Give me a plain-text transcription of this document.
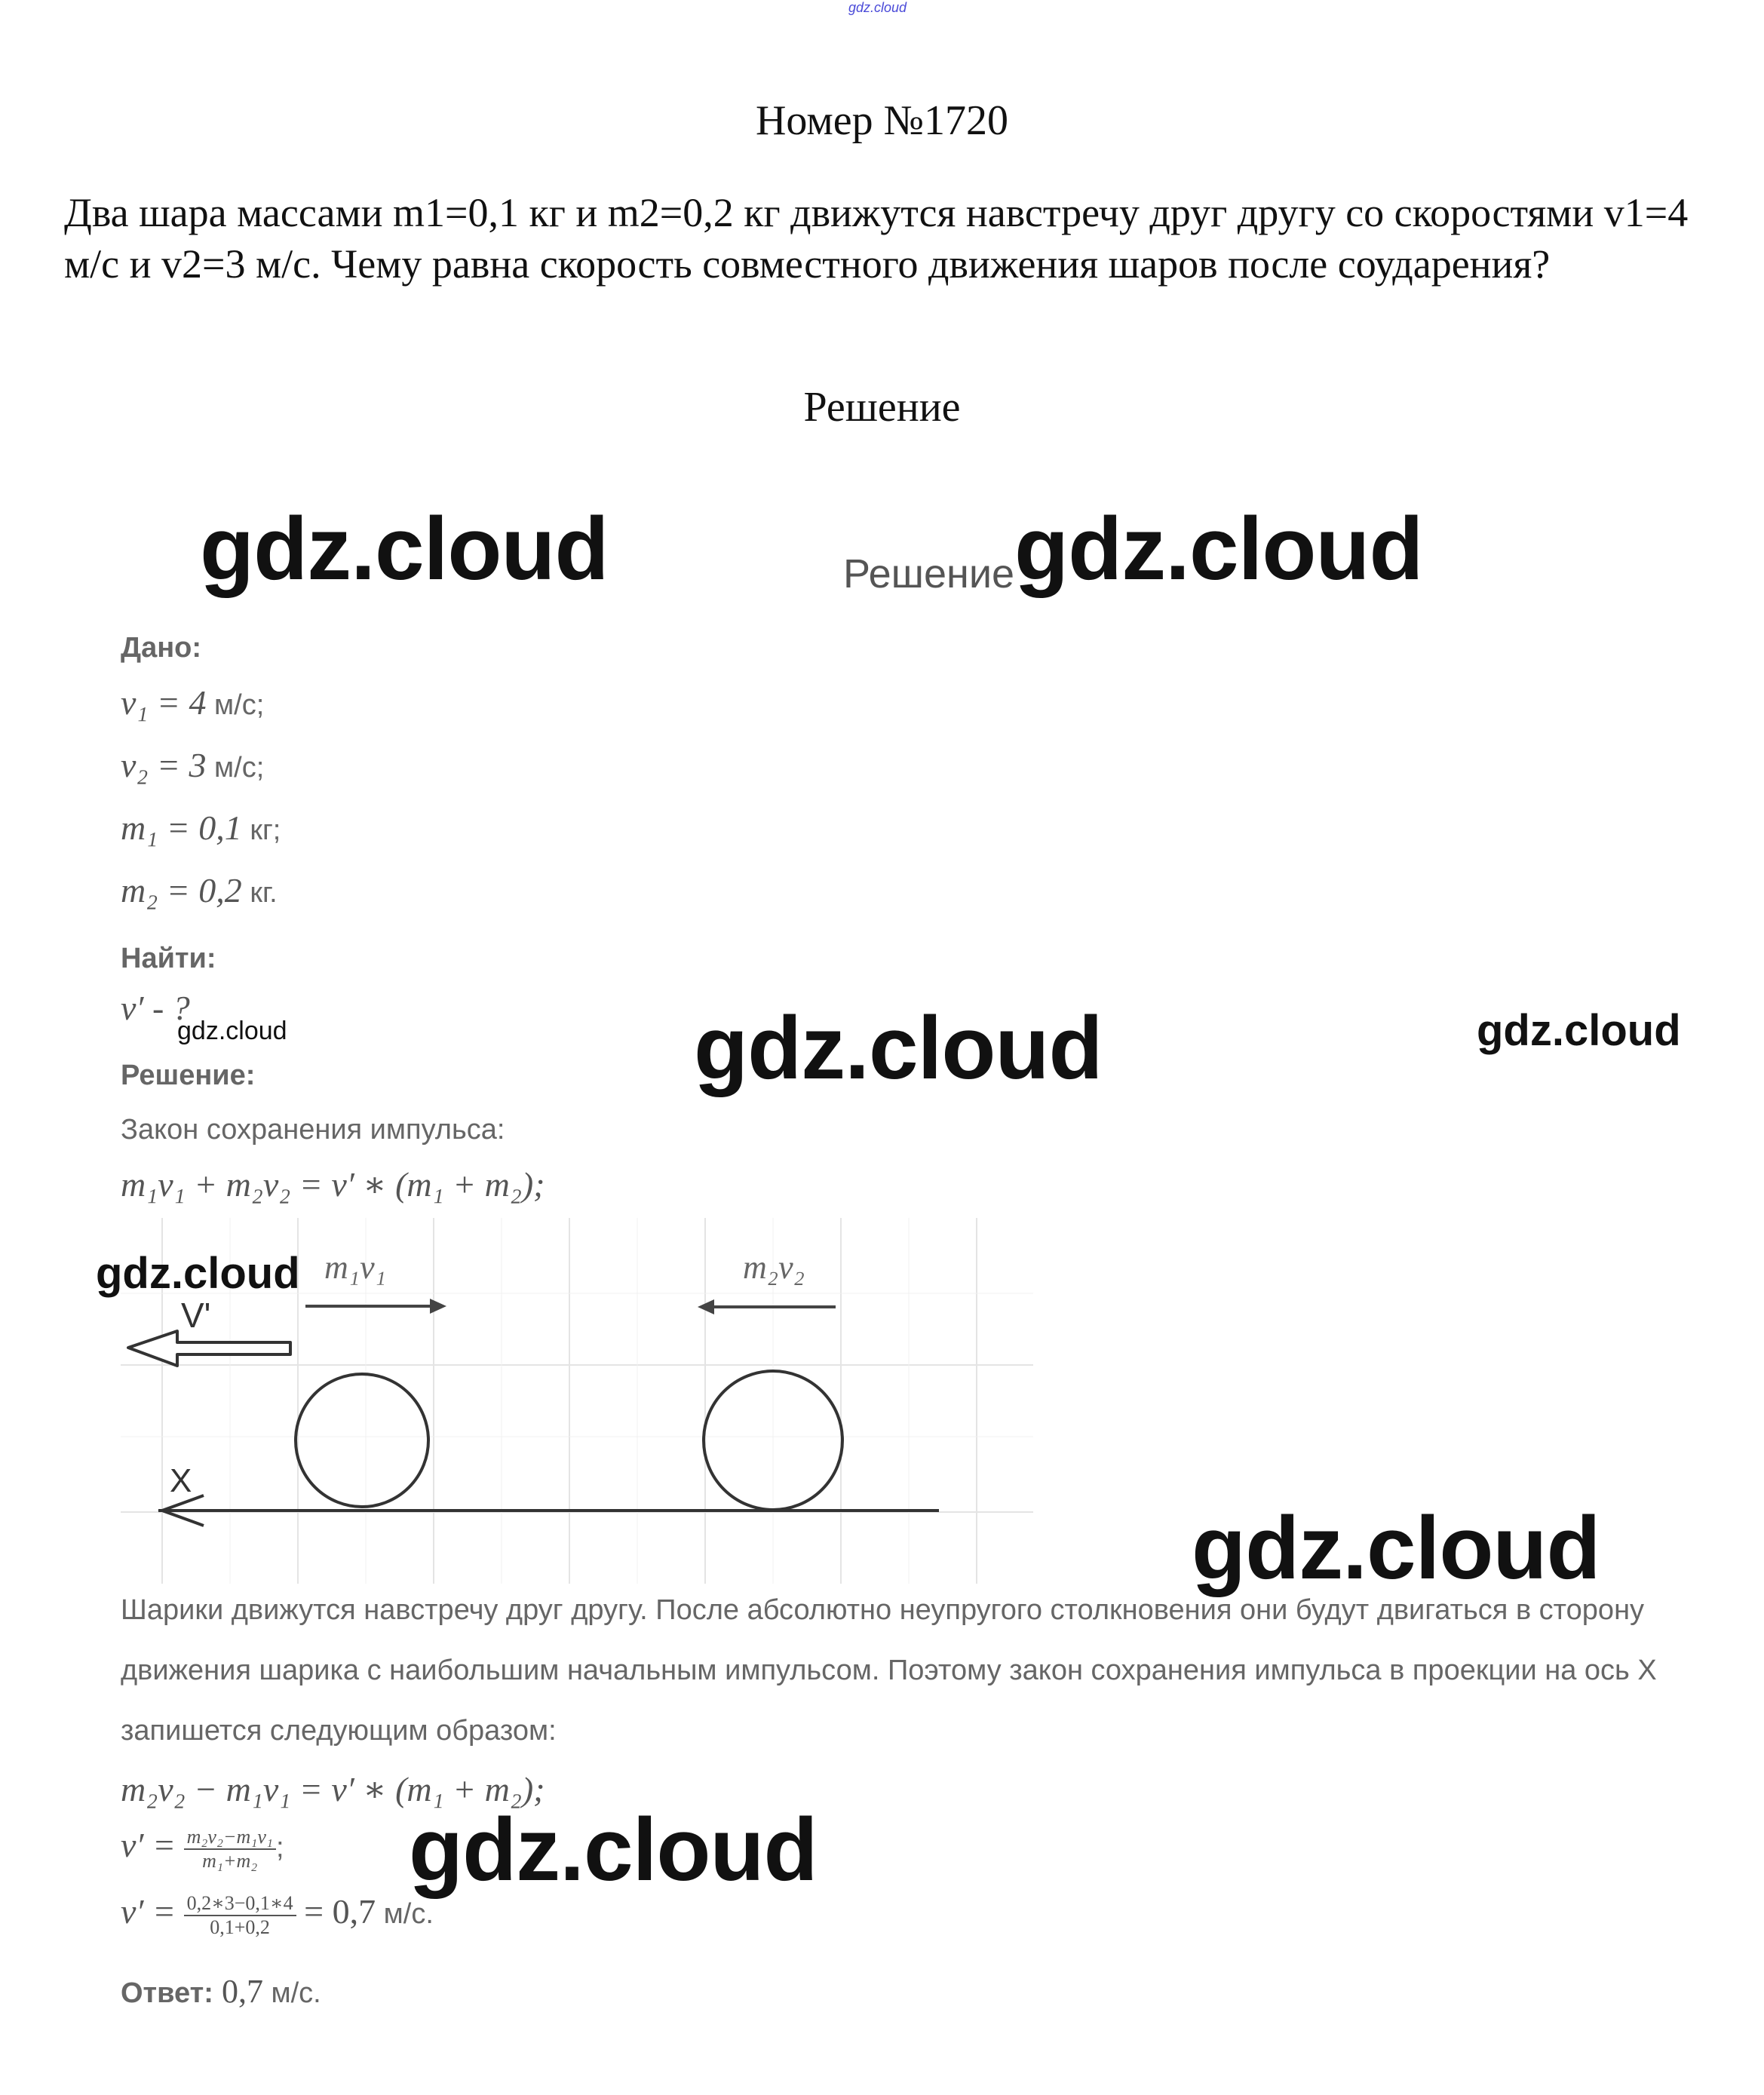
gdz.cloud
Номер №1720
Два шара массами m1=0,1 кг и m2=0,2 кг движутся навстречу друг другу со скоростями v1=4 м/с и v2=3 м/с. Чему равна скорость совместного движения шаров после соударения?
Решение
Решение
Дано:
v₁ = 4 м/с;
v₂ = 3 м/с;
m₁ = 0,1 кг;
m₂ = 0,2 кг.
Найти:
v′ - ?
Решение:
Закон сохранения импульса:
m₁v₁ + m₂v₂ = v′ ∗ (m₁ + m₂);
V'
m₁v₁	m₂v₂
X
Шарики движутся навстречу друг другу. После абсолютно неупругого столкновения они будут двигаться в сторону движения шарика с наибольшим начальным импульсом. Поэтому закон сохранения импульса в проекции на ось X запишется следующим образом:
m₂v₂ − m₁v₁ = v′ ∗ (m₁ + m₂);
$v' = \frac{\text{m₂v₂−m₁v₁}}{\text{m₁+m₂}}$ ;
$v' = \frac{0,2∗3-0,1∗4}{0,1+0,2} = 0,7$ м/с.
Ответ: 0,7 м/с.
gdz.cloud	gdz.cloud
gdz.cloud	gdz.cloud	gdz.cloud
gdz.cloud
gdz.cloud
gdz.cloud
